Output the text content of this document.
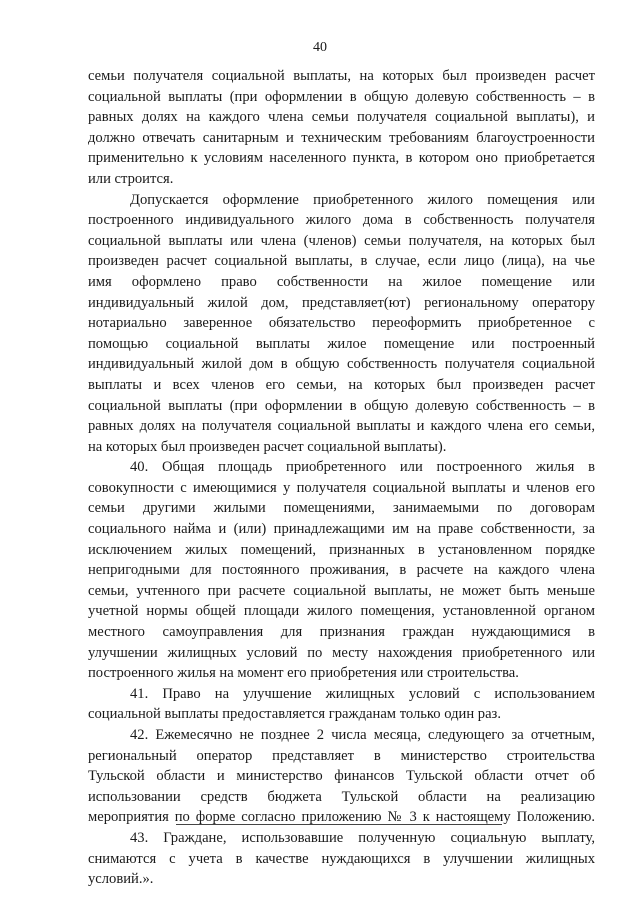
40
семьи получателя социальной выплаты, на которых был произведен расчет
социальной выплаты (при оформлении в общую долевую собственность – в
равных долях на каждого члена семьи получателя социальной выплаты), и
должно отвечать санитарным и техническим требованиям благоустроенности
применительно к условиям населенного пункта, в котором оно приобретается
или строится.
Допускается оформление приобретенного жилого помещения или
построенного индивидуального жилого дома в собственность получателя
социальной выплаты или члена (членов) семьи получателя, на которых был
произведен расчет социальной выплаты, в случае, если лицо (лица), на чье
имя оформлено право собственности на жилое помещение или
индивидуальный жилой дом, представляет(ют) региональному оператору
нотариально заверенное обязательство переоформить приобретенное с
помощью социальной выплаты жилое помещение или построенный
индивидуальный жилой дом в общую собственность получателя социальной
выплаты и всех членов его семьи, на которых был произведен расчет
социальной выплаты (при оформлении в общую долевую собственность – в
равных долях на получателя социальной выплаты и каждого члена его семьи,
на которых был произведен расчет социальной выплаты).
40. Общая площадь приобретенного или построенного жилья в
совокупности с имеющимися у получателя социальной выплаты и членов его
семьи другими жилыми помещениями, занимаемыми по договорам
социального найма и (или) принадлежащими им на праве собственности, за
исключением жилых помещений, признанных в установленном порядке
непригодными для постоянного проживания, в расчете на каждого члена
семьи, учтенного при расчете социальной выплаты, не может быть меньше
учетной нормы общей площади жилого помещения, установленной органом
местного самоуправления для признания граждан нуждающимися в
улучшении жилищных условий по месту нахождения приобретенного или
построенного жилья на момент его приобретения или строительства.
41. Право на улучшение жилищных условий с использованием
социальной выплаты предоставляется гражданам только один раз.
42. Ежемесячно не позднее 2 числа месяца, следующего за отчетным,
региональный оператор представляет в министерство строительства
Тульской области и министерство финансов Тульской области отчет об
использовании средств бюджета Тульской области на реализацию
мероприятия по форме согласно приложению № 3 к настоящему Положению.
43. Граждане, использовавшие полученную социальную выплату,
снимаются с учета в качестве нуждающихся в улучшении жилищных
условий.».
